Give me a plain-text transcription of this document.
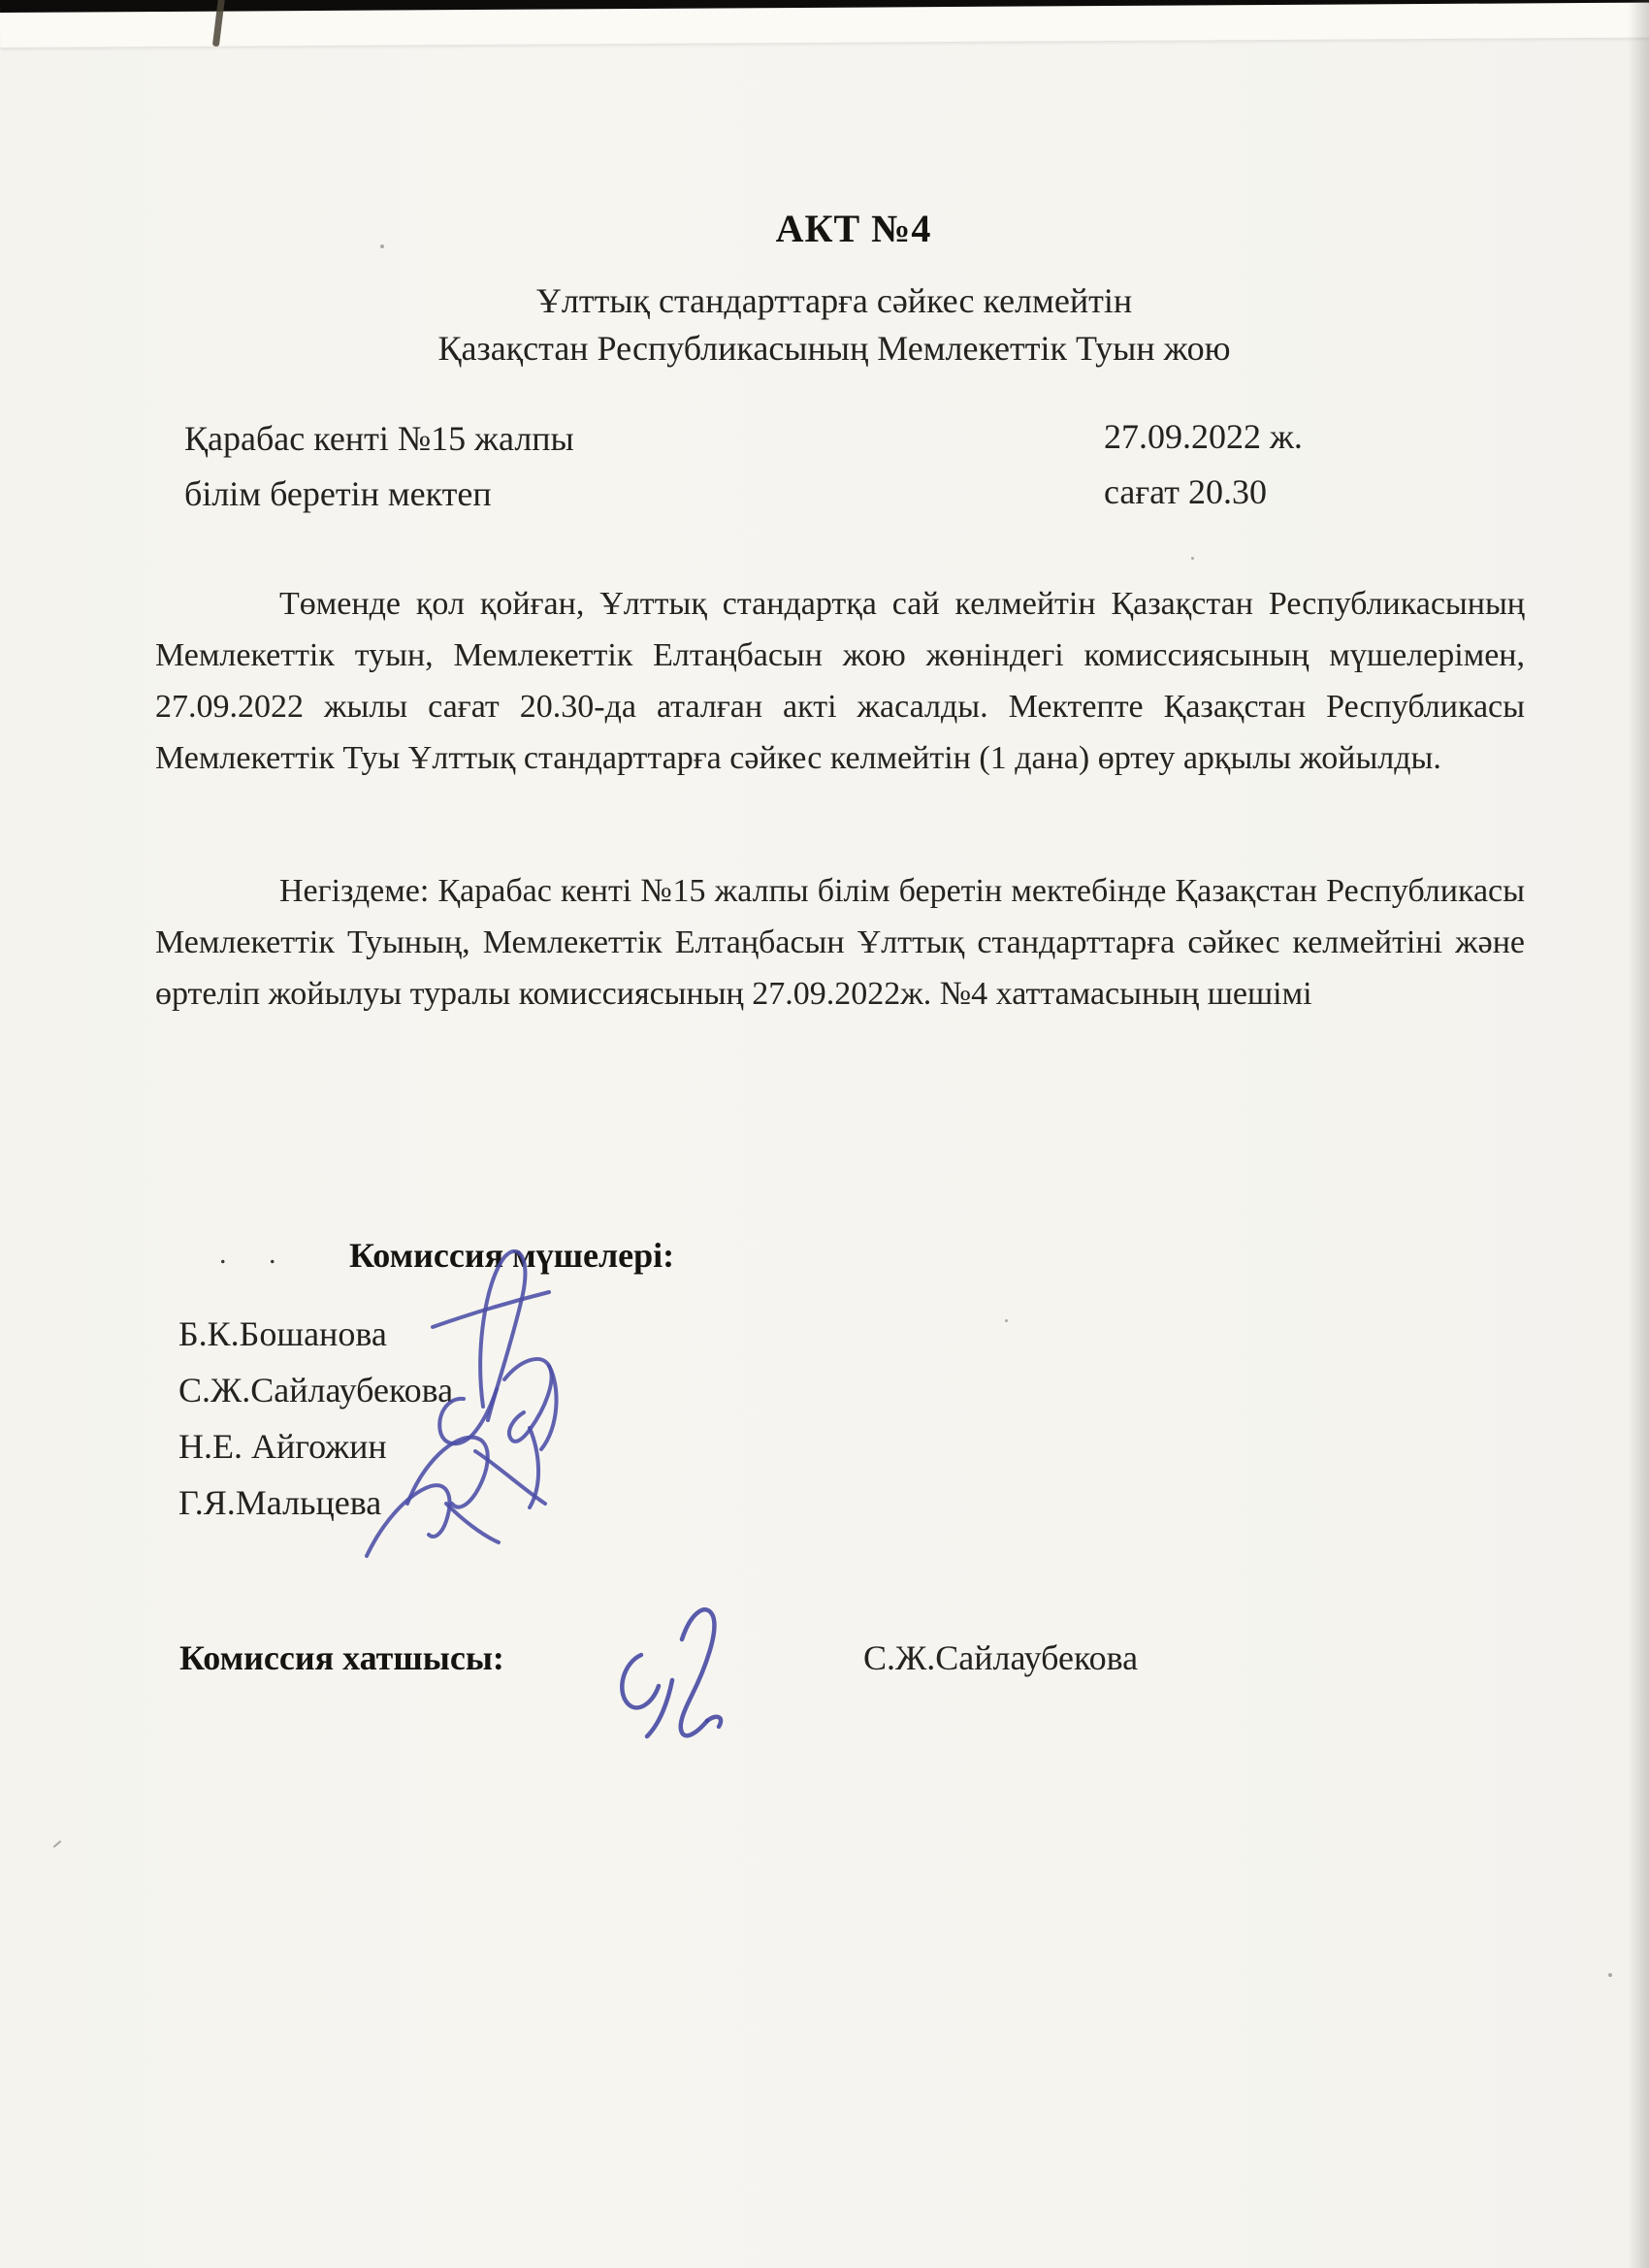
АКТ №4
Ұлттық стандарттарға сәйкес келмейтін
Қазақстан Республикасының Мемлекеттік Туын жою
Қарабас кенті №15 жалпы
білім беретін мектеп
27.09.2022 ж.
сағат 20.30
Төменде қол қойған, Ұлттық стандартқа сай келмейтін Қазақстан Республикасының Мемлекеттік туын, Мемлекеттік Елтаңбасын жою жөніндегі комиссиясының мүшелерімен, 27.09.2022 жылы сағат 20.30-да аталған акті жасалды. Мектепте Қазақстан Республикасы Мемлекеттік Туы Ұлттық стандарттарға сәйкес келмейтін (1 дана) өртеу арқылы жойылды.
Негіздеме: Қарабас кенті №15 жалпы білім беретін мектебінде Қазақстан Республикасы Мемлекеттік Туының, Мемлекеттік Елтаңбасын Ұлттық стандарттарға сәйкес келмейтіні және өртеліп жойылуы туралы комиссиясының 27.09.2022ж. №4 хаттамасының шешімі
. . Комиссия мүшелері:
Б.К.Бошанова
С.Ж.Сайлаубекова
Н.Е. Айгожин
Г.Я.Мальцева
Комиссия хатшысы:	С.Ж.Сайлаубекова
